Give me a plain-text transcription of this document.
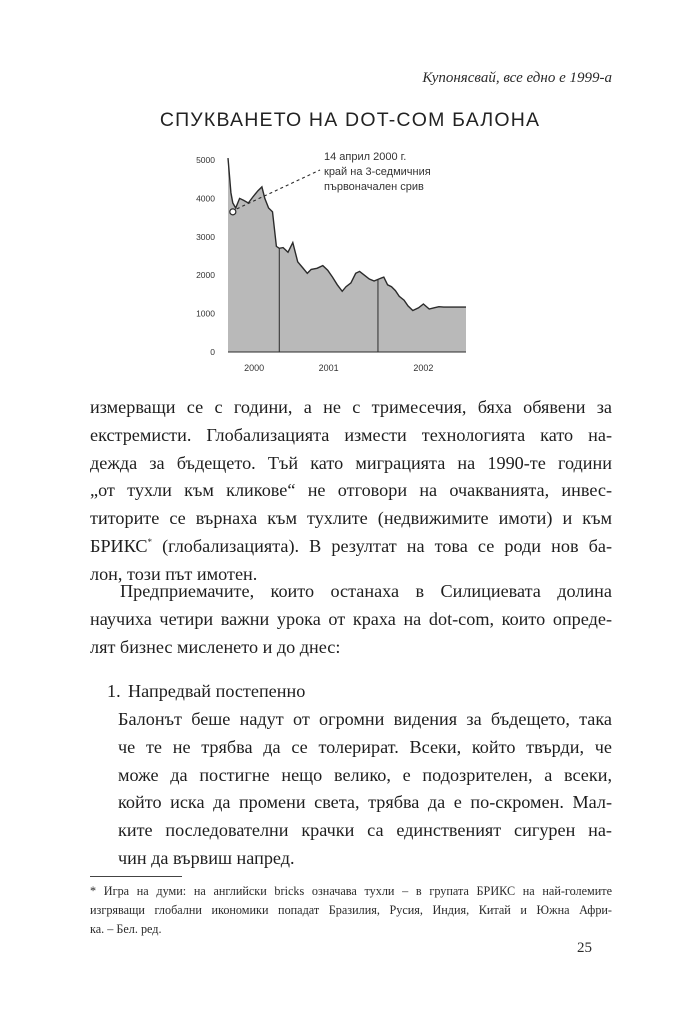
Купонясвай, все едно е 1999-а
СПУКВАНЕТО НА DOT-COM БАЛОНА
0
1000
2000
3000
4000
5000
2000	2001	2002
14 април 2000 г.
край на 3-седмичния
първоначален срив
измерващи се с години, а не с тримесечия, бяха обявени за
екстремисти. Глобализацията измести технологията като на-
дежда за бъдещето. Тъй като миграцията на 1990-те години
„от тухли към кликове“ не отговори на очакванията, инвес-
титорите се върнаха към тухлите (недвижимите имоти) и към
БРИКС* (глобализацията). В резултат на това се роди нов ба-
лон, този път имотен.
Предприемачите, които останаха в Силициевата долина
научиха четири важни урока от краха на dot-com, които опреде-
лят бизнес мисленето и до днес:
1. Напредвай постепенно
Балонът беше надут от огромни видения за бъдещето, така
че те не трябва да се толерират. Всеки, който твърди, че
може да постигне нещо велико, е подозрителен, а всеки,
който иска да промени света, трябва да е по-скромен. Мал-
ките последователни крачки са единственият сигурен на-
чин да вървиш напред.
* Игра на думи: на английски bricks означава тухли – в групата БРИКС на най-големите
изгряващи глобални икономики попадат Бразилия, Русия, Индия, Китай и Южна Афри-
ка. – Бел. ред.
25
